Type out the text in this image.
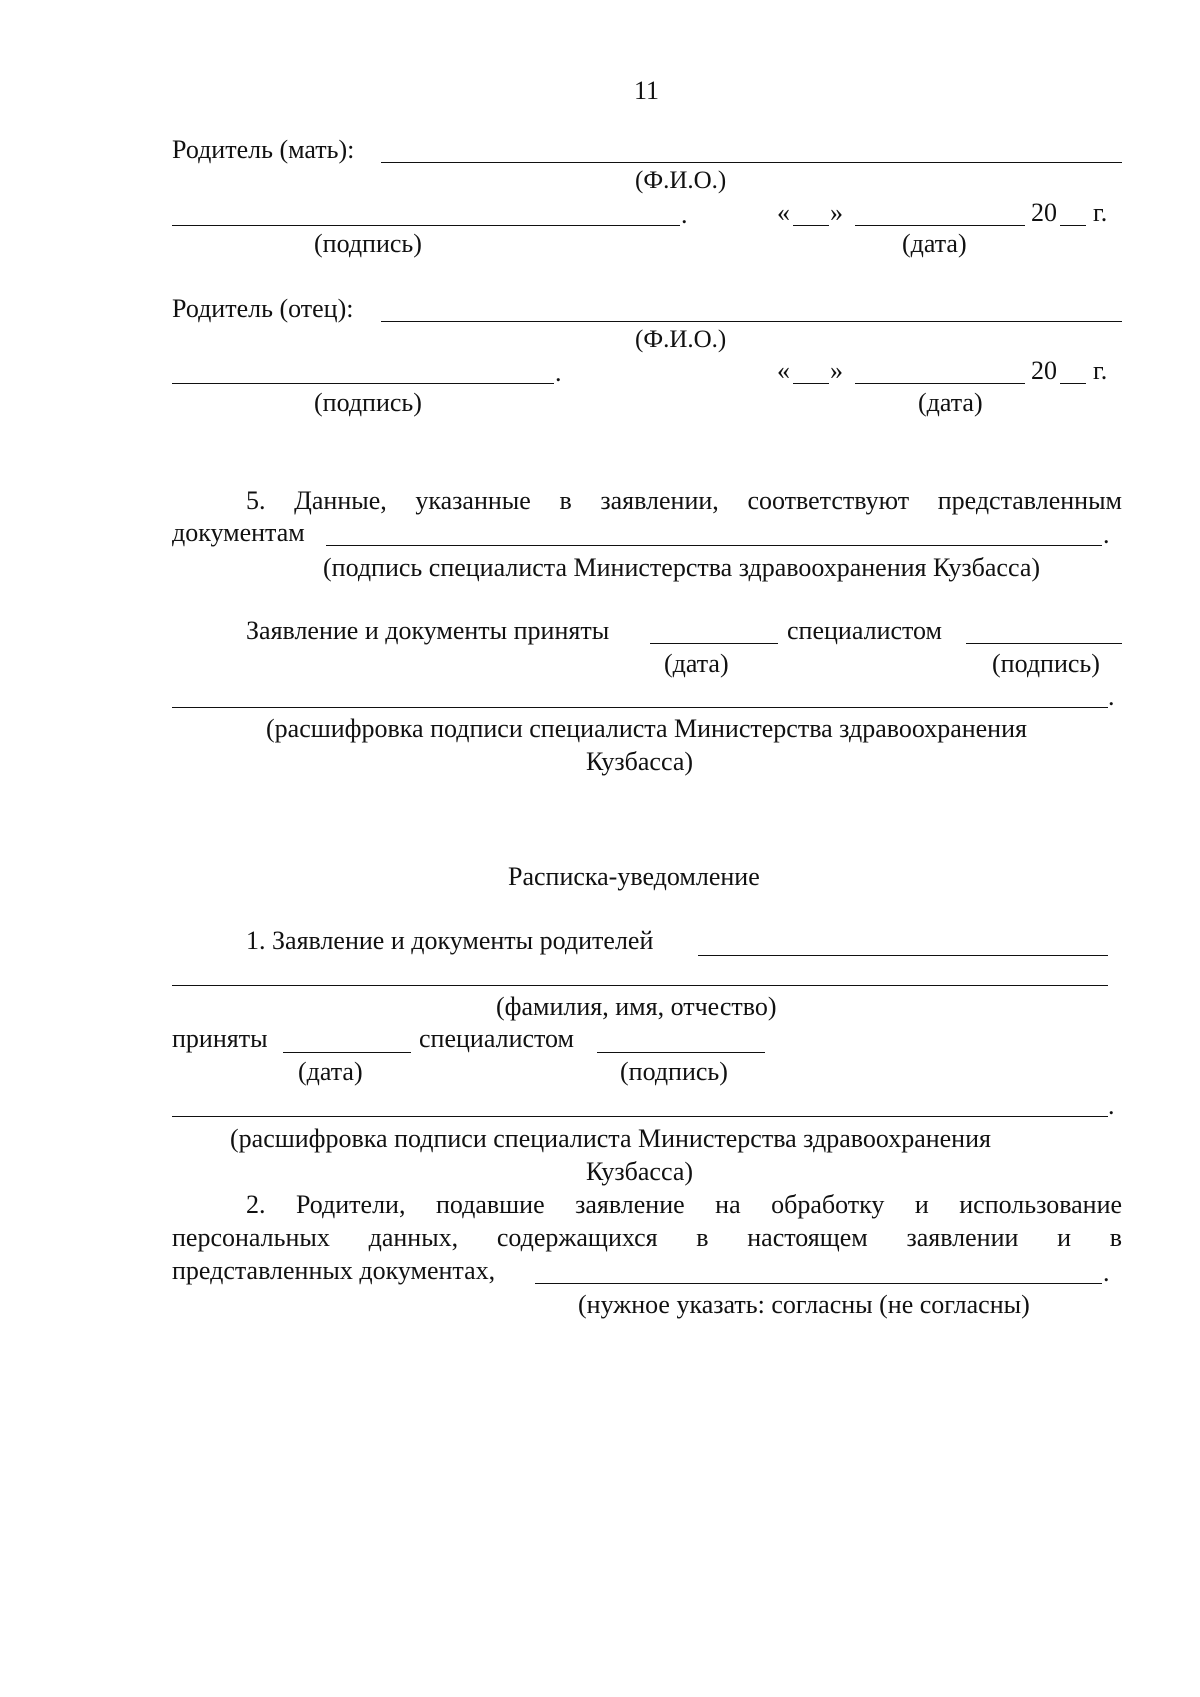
11
Родитель (мать):
(Ф.И.О.)
.	« »	20 г.
(подпись)	(дата)
Родитель (отец):
(Ф.И.О.)
.	« »	20 г.
(подпись)	(дата)
5. Данные, указанные в заявлении, соответствуют представленным
документам	.
(подпись специалиста Министерства здравоохранения Кузбасса)
Заявление и документы приняты	специалистом
(дата)	(подпись)
.
(расшифровка подписи специалиста Министерства здравоохранения
Кузбасса)
Расписка-уведомление
1. Заявление и документы родителей
(фамилия, имя, отчество)
приняты	специалистом
(дата)	(подпись)
.
(расшифровка подписи специалиста Министерства здравоохранения
Кузбасса)
2. Родители, подавшие заявление на обработку и использование
персональных данных, содержащихся в настоящем заявлении и в
представленных документах,	.
(нужное указать: согласны (не согласны)
